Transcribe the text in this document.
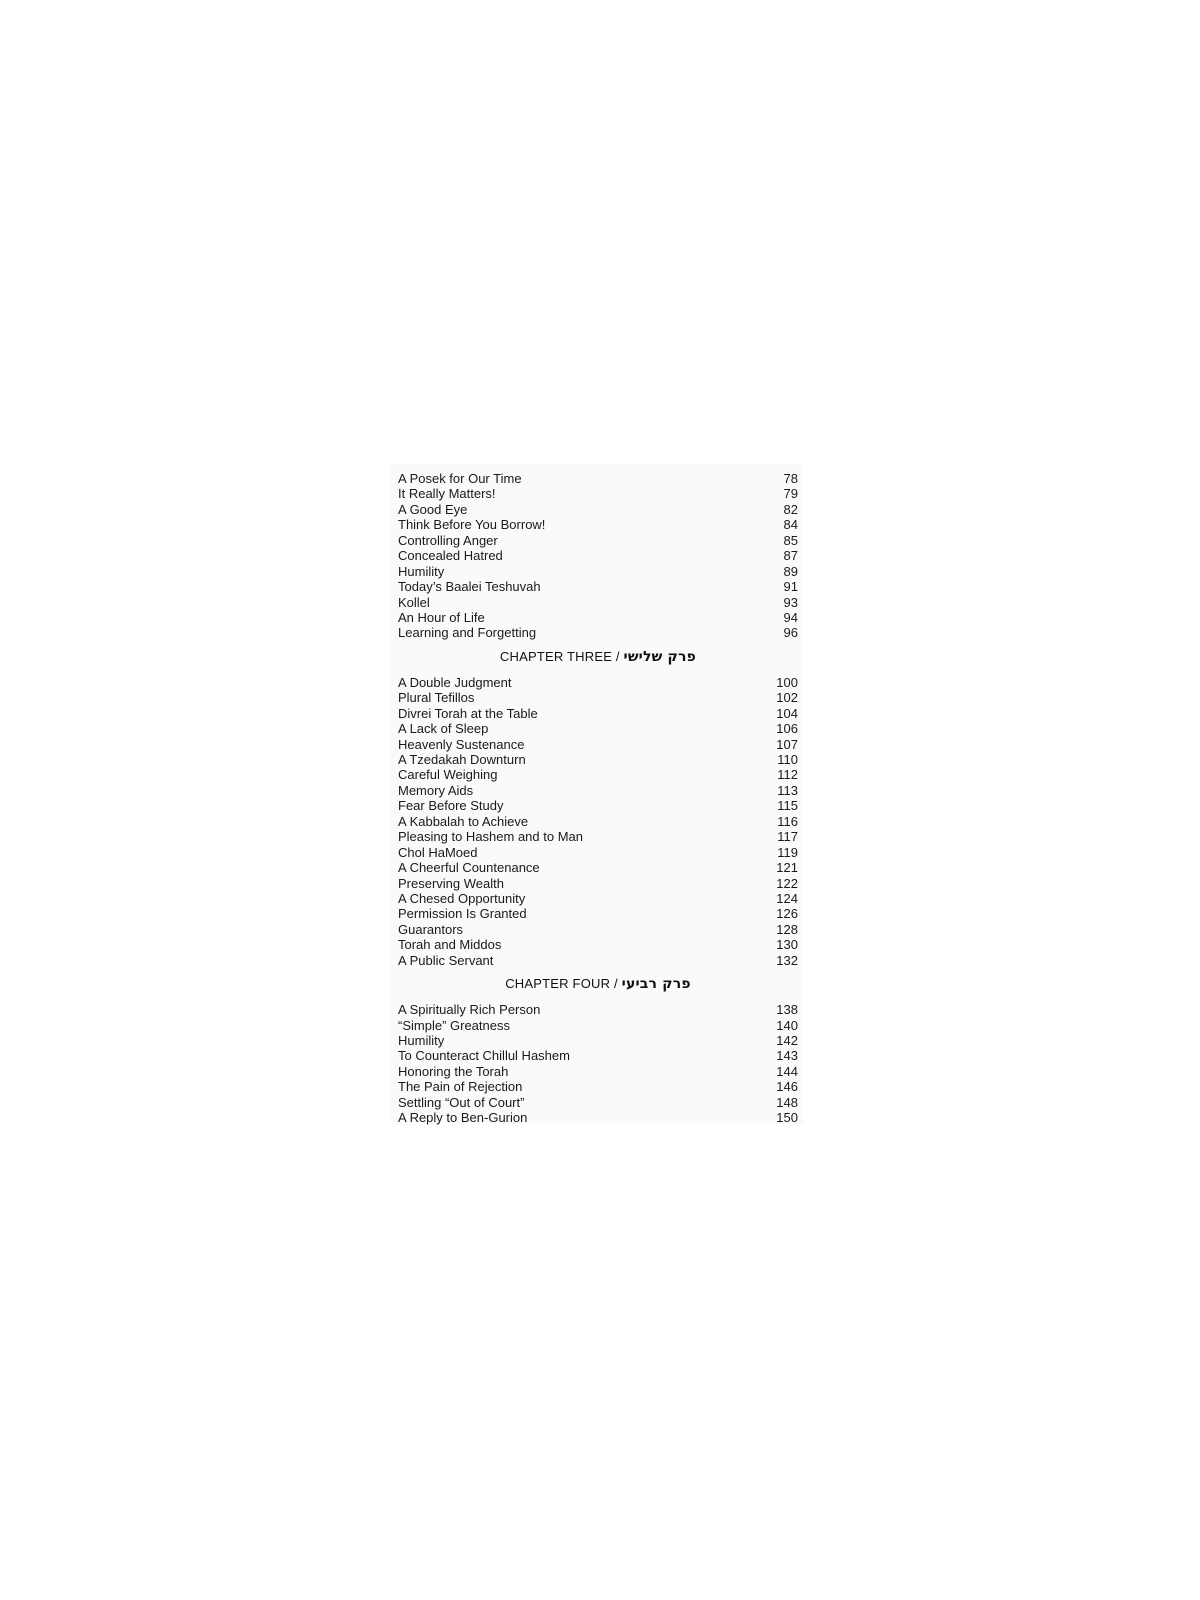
A Posek for Our Time	78
It Really Matters!	79
A Good Eye	82
Think Before You Borrow!	84
Controlling Anger	85
Concealed Hatred	87
Humility	89
Today’s Baalei Teshuvah	91
Kollel	93
An Hour of Life	94
Learning and Forgetting	96
CHAPTER THREE / פרק שלישי
A Double Judgment	100
Plural Tefillos	102
Divrei Torah at the Table	104
A Lack of Sleep	106
Heavenly Sustenance	107
A Tzedakah Downturn	110
Careful Weighing	112
Memory Aids	113
Fear Before Study	115
A Kabbalah to Achieve	116
Pleasing to Hashem and to Man	117
Chol HaMoed	119
A Cheerful Countenance	121
Preserving Wealth	122
A Chesed Opportunity	124
Permission Is Granted	126
Guarantors	128
Torah and Middos	130
A Public Servant	132
CHAPTER FOUR / פרק רביעי
A Spiritually Rich Person	138
“Simple” Greatness	140
Humility	142
To Counteract Chillul Hashem	143
Honoring the Torah	144
The Pain of Rejection	146
Settling “Out of Court”	148
A Reply to Ben-Gurion	150
